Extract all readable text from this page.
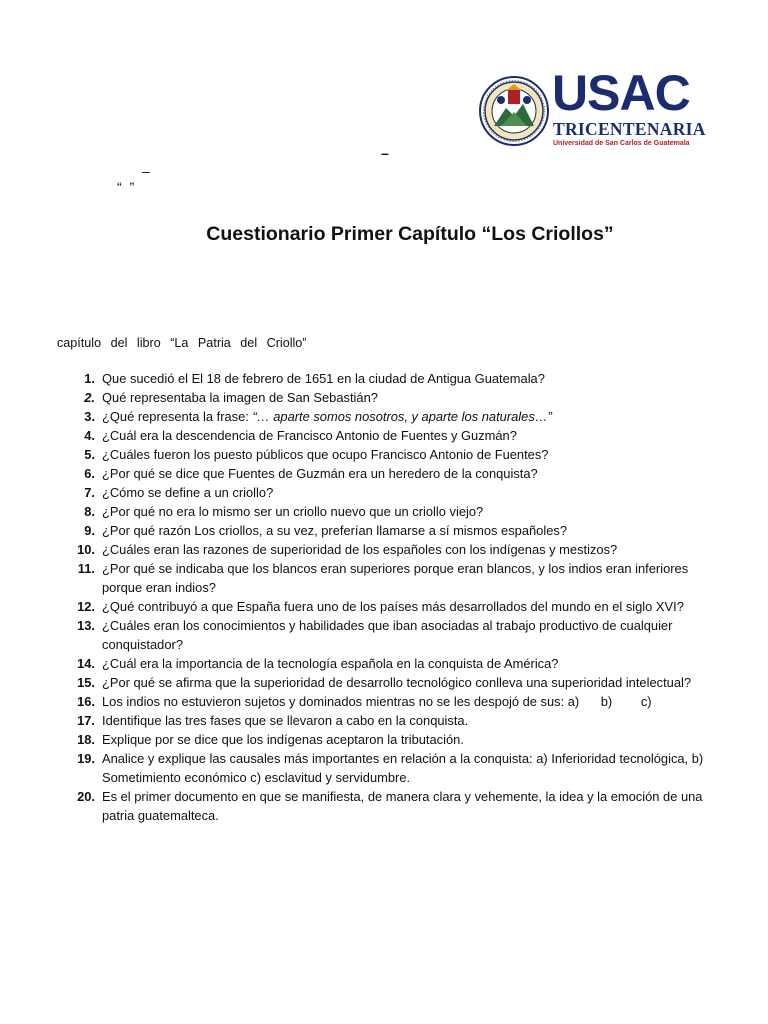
USAC
TRICENTENARIA
Universidad de San Carlos de Guatemala
–
–
“ ”
Cuestionario Primer Capítulo “Los Criollos”
capítulo del libro “La Patria del Criollo”
1. Que sucedió el El 18 de febrero de 1651 en la ciudad de Antigua Guatemala?
2. Qué representaba la imagen de San Sebastián?
3. ¿Qué representa la frase: “… aparte somos nosotros, y aparte los naturales…”
4. ¿Cuál era la descendencia de Francisco Antonio de Fuentes y Guzmán?
5. ¿Cuáles fueron los puesto públicos que ocupo Francisco Antonio de Fuentes?
6. ¿Por qué se dice que Fuentes de Guzmán era un heredero de la conquista?
7. ¿Cómo se define a un criollo?
8. ¿Por qué no era lo mismo ser un criollo nuevo que un criollo viejo?
9. ¿Por qué razón Los criollos, a su vez, preferían llamarse a sí mismos españoles?
10. ¿Cuáles eran las razones de superioridad de los españoles con los indígenas y mestizos?
11. ¿Por qué se indicaba que los blancos eran superiores porque eran blancos, y los indios eran inferiores porque eran indios?
12. ¿Qué contribuyó a que España fuera uno de los países más desarrollados del mundo en el siglo XVI?
13. ¿Cuáles eran los conocimientos y habilidades que iban asociadas al trabajo productivo de cualquier conquistador?
14. ¿Cuál era la importancia de la tecnología española en la conquista de América?
15. ¿Por qué se afirma que la superioridad de desarrollo tecnológico conlleva una superioridad intelectual?
16. Los indios no estuvieron sujetos y dominados mientras no se les despojó de sus: a)      b)        c)
17. Identifique las tres fases que se llevaron a cabo en la conquista.
18. Explique por se dice que los indígenas aceptaron la tributación.
19. Analice y explique las causales más importantes en relación a la conquista: a) Inferioridad tecnológica, b) Sometimiento económico c) esclavitud y servidumbre.
20. Es el primer documento en que se manifiesta, de manera clara y vehemente, la idea y la emoción de una patria guatemalteca.
